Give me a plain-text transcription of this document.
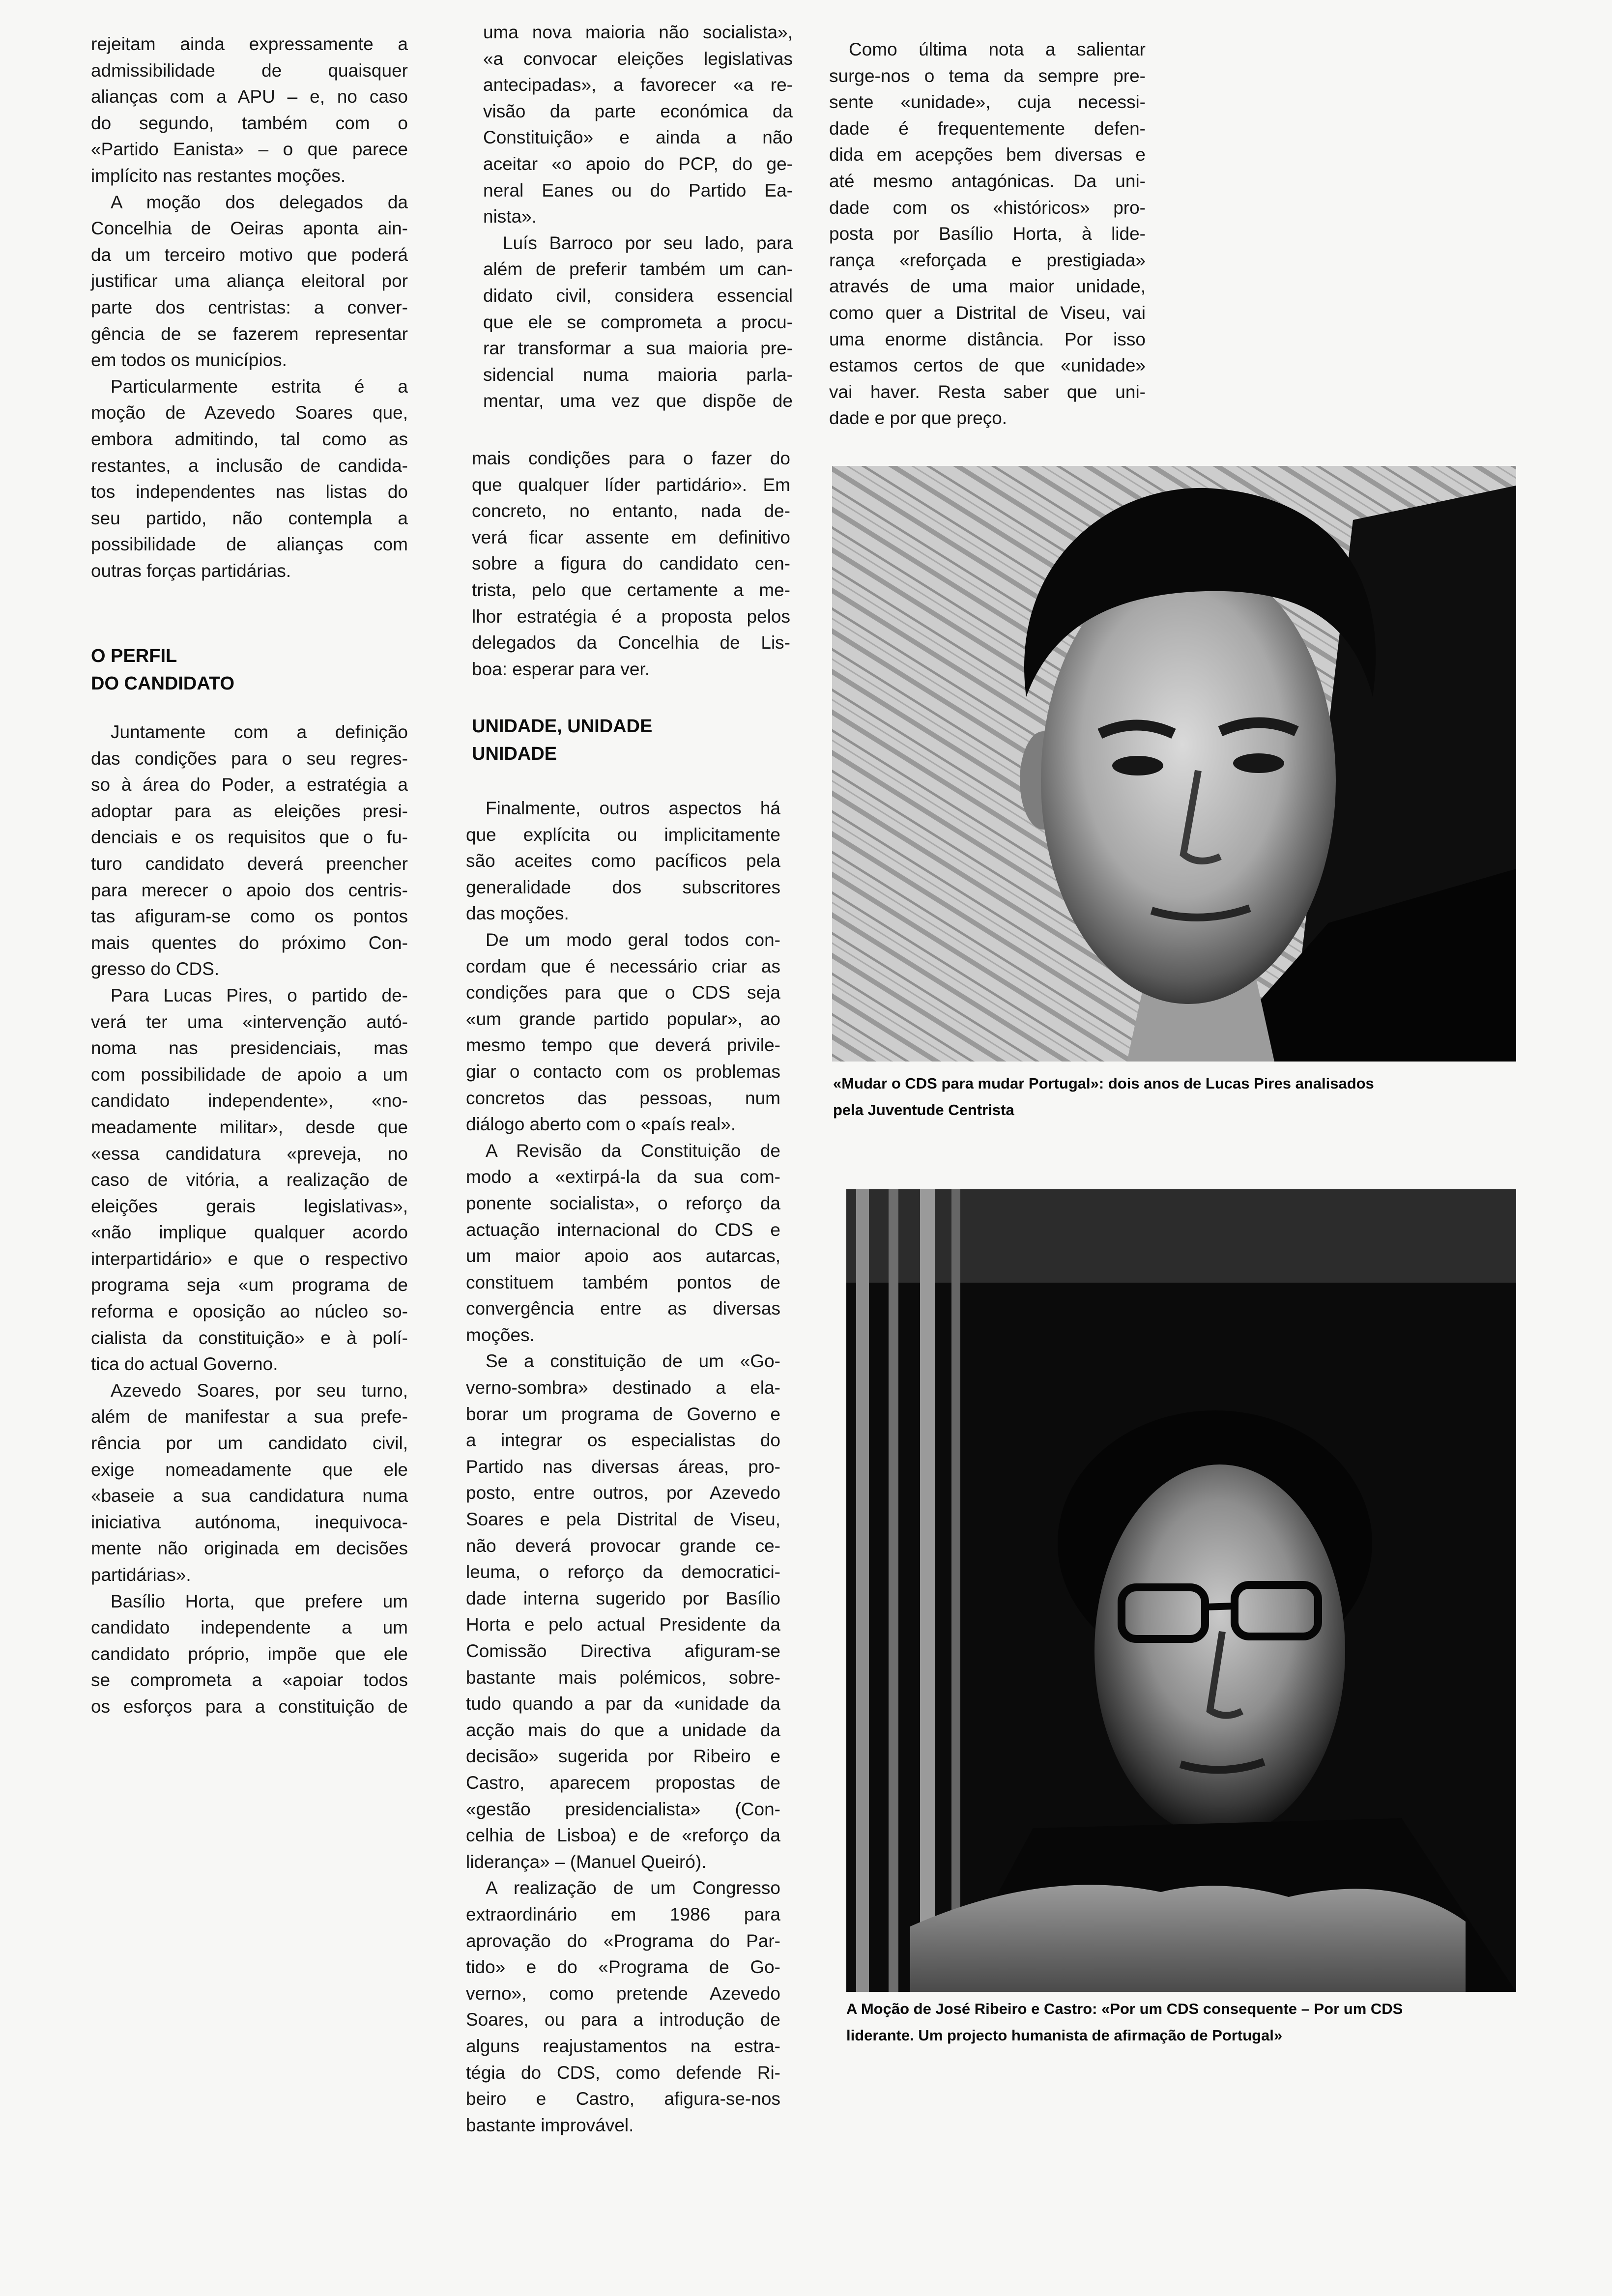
rejeitam ainda expressamente a
admissibilidade de quaisquer
alianças com a APU – e, no caso
do segundo, também com o
«Partido Eanista» – o que parece
implícito nas restantes moções.
A moção dos delegados da
Concelhia de Oeiras aponta ain-
da um terceiro motivo que poderá
justificar uma aliança eleitoral por
parte dos centristas: a conver-
gência de se fazerem representar
em todos os municípios.
Particularmente estrita é a
moção de Azevedo Soares que,
embora admitindo, tal como as
restantes, a inclusão de candida-
tos independentes nas listas do
seu partido, não contempla a
possibilidade de alianças com
outras forças partidárias.
O PERFIL
DO CANDIDATO
Juntamente com a definição
das condições para o seu regres-
so à área do Poder, a estratégia a
adoptar para as eleições presi-
denciais e os requisitos que o fu-
turo candidato deverá preencher
para merecer o apoio dos centris-
tas afiguram-se como os pontos
mais quentes do próximo Con-
gresso do CDS.
Para Lucas Pires, o partido de-
verá ter uma «intervenção autó-
noma nas presidenciais, mas
com possibilidade de apoio a um
candidato independente», «no-
meadamente militar», desde que
«essa candidatura «preveja, no
caso de vitória, a realização de
eleições gerais legislativas»,
«não implique qualquer acordo
interpartidário» e que o respectivo
programa seja «um programa de
reforma e oposição ao núcleo so-
cialista da constituição» e à polí-
tica do actual Governo.
Azevedo Soares, por seu turno,
além de manifestar a sua prefe-
rência por um candidato civil,
exige nomeadamente que ele
«baseie a sua candidatura numa
iniciativa autónoma, inequivoca-
mente não originada em decisões
partidárias».
Basílio Horta, que prefere um
candidato independente a um
candidato próprio, impõe que ele
se comprometa a «apoiar todos
os esforços para a constituição de
uma nova maioria não socialista»,
«a convocar eleições legislativas
antecipadas», a favorecer «a re-
visão da parte económica da
Constituição» e ainda a não
aceitar «o apoio do PCP, do ge-
neral Eanes ou do Partido Ea-
nista».
Luís Barroco por seu lado, para
além de preferir também um can-
didato civil, considera essencial
que ele se comprometa a procu-
rar transformar a sua maioria pre-
sidencial numa maioria parla-
mentar, uma vez que dispõe de
mais condições para o fazer do
que qualquer líder partidário». Em
concreto, no entanto, nada de-
verá ficar assente em definitivo
sobre a figura do candidato cen-
trista, pelo que certamente a me-
lhor estratégia é a proposta pelos
delegados da Concelhia de Lis-
boa: esperar para ver.
UNIDADE, UNIDADE
UNIDADE
Finalmente, outros aspectos há
que explícita ou implicitamente
são aceites como pacíficos pela
generalidade dos subscritores
das moções.
De um modo geral todos con-
cordam que é necessário criar as
condições para que o CDS seja
«um grande partido popular», ao
mesmo tempo que deverá privile-
giar o contacto com os problemas
concretos das pessoas, num
diálogo aberto com o «país real».
A Revisão da Constituição de
modo a «extirpá-la da sua com-
ponente socialista», o reforço da
actuação internacional do CDS e
um maior apoio aos autarcas,
constituem também pontos de
convergência entre as diversas
moções.
Se a constituição de um «Go-
verno-sombra» destinado a ela-
borar um programa de Governo e
a integrar os especialistas do
Partido nas diversas áreas, pro-
posto, entre outros, por Azevedo
Soares e pela Distrital de Viseu,
não deverá provocar grande ce-
leuma, o reforço da democratici-
dade interna sugerido por Basílio
Horta e pelo actual Presidente da
Comissão Directiva afiguram-se
bastante mais polémicos, sobre-
tudo quando a par da «unidade da
acção mais do que a unidade da
decisão» sugerida por Ribeiro e
Castro, aparecem propostas de
«gestão presidencialista» (Con-
celhia de Lisboa) e de «reforço da
liderança» – (Manuel Queiró).
A realização de um Congresso
extraordinário em 1986 para
aprovação do «Programa do Par-
tido» e do «Programa de Go-
verno», como pretende Azevedo
Soares, ou para a introdução de
alguns reajustamentos na estra-
tégia do CDS, como defende Ri-
beiro e Castro, afigura-se-nos
bastante improvável.
Como última nota a salientar
surge-nos o tema da sempre pre-
sente «unidade», cuja necessi-
dade é frequentemente defen-
dida em acepções bem diversas e
até mesmo antagónicas. Da uni-
dade com os «históricos» pro-
posta por Basílio Horta, à lide-
rança «reforçada e prestigiada»
através de uma maior unidade,
como quer a Distrital de Viseu, vai
uma enorme distância. Por isso
estamos certos de que «unidade»
vai haver. Resta saber que uni-
dade e por que preço.
«Mudar o CDS para mudar Portugal»: dois anos de Lucas Pires analisados
pela Juventude Centrista
A Moção de José Ribeiro e Castro: «Por um CDS consequente – Por um CDS
liderante. Um projecto humanista de afirmação de Portugal»
